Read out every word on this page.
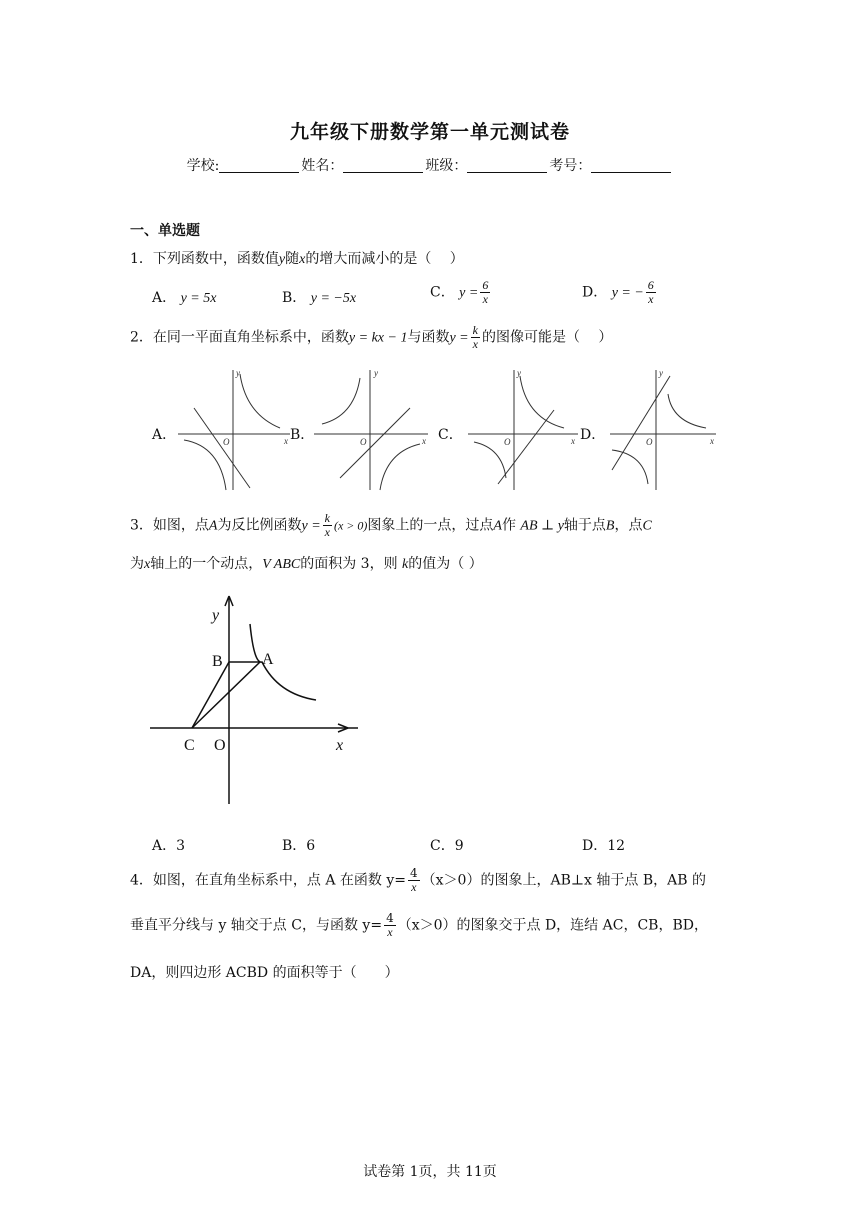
九年级下册数学第一单元测试卷
学校:	姓名：	班级：	考号：
一、单选题
1．下列函数中，函数值y随x的增大而减小的是（　 ）
A． y = 5x	B． y = −5x	C． $y = \frac{6}{x}$	D． y = − $\frac{6}{x}$
2．在同一平面直角坐标系中，函数y = kx − 1与函数$y = \frac{k}{x}$ 的图像可能是（　 ）
y
x
O
y
x
O
y
x
O
y
x
O
A．	B．	C．	D．
3．如图，点A为反比例函数$y = \frac{k}{x} (x > 0)$图象上的一点，过点A作 AB ⊥ y轴于点B，点C
为x轴上的一个动点，V ABC的面积为 3，则 k的值为（ ）
y
x
B A
C O
A．3	B．6	C．9	D．12
4．如图，在直角坐标系中，点 A 在函数 $y= \frac{4}{x} (x>0)$的图象上，AB⊥x 轴于点 B，AB 的
垂直平分线与 y 轴交于点 C，与函数 $y= \frac{4}{x} (x>0)$的图象交于点 D，连结 AC，CB，BD，
DA，则四边形 ACBD 的面积等于（　　）
试卷第 1页，共 11页
